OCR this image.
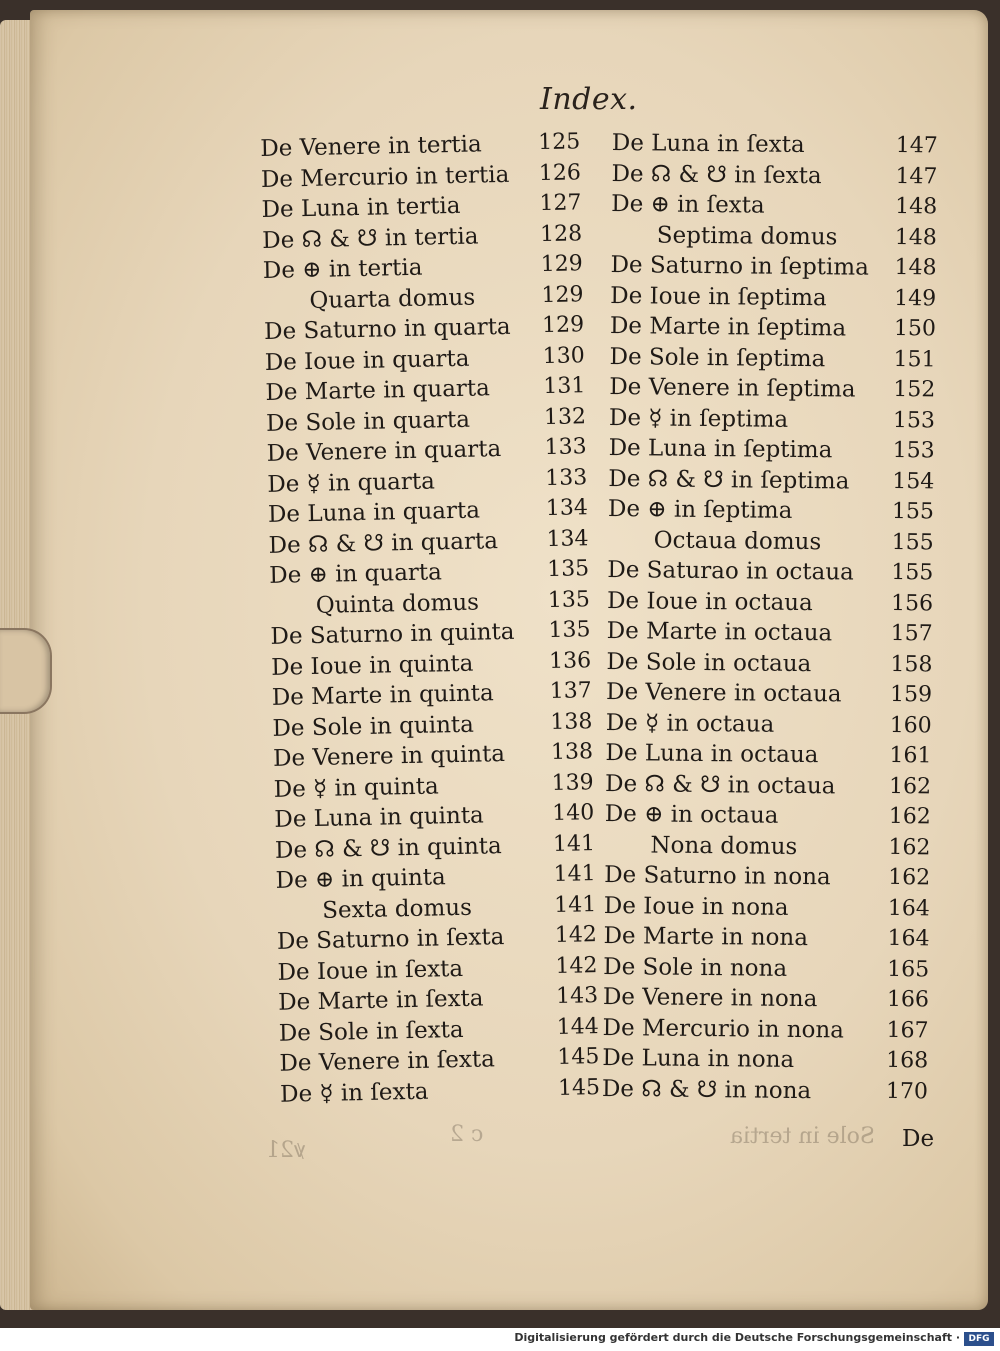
Index.
De Venere in tertia	125
De Mercurio in tertia 126
De Luna in tertia	127
De ☊ & ☋ in tertia	128
De ⊕ in tertia	129
Quarta domus	129
De Saturno in quarta 129
De Ioue in quarta	130
De Marte in quarta 131
De Sole in quarta	132
De Venere in quarta 133
De ☿ in quarta	133
De Luna in quarta	134
De ☊ & ☋ in quarta 134
De ⊕ in quarta	135
Quinta domus	135
De Saturno in quinta 135
De Ioue in quinta	136
De Marte in quinta	137
De Sole in quinta	138
De Venere in quinta 138
De ☿ in quinta	139
De Luna in quinta	140
De ☊ & ☋ in quinta 141
De ⊕ in quinta	141
Sexta domus	141
De Saturno in ſexta 142
De Ioue in ſexta	142
De Marte in ſexta	143
De Sole in ſexta	144
De Venere in ſexta	145
De ☿ in ſexta	145
De Luna in ſexta	147
De ☊ & ☋ in ſexta	147
De ⊕ in ſexta	148
Septima domus	148
De Saturno in ſeptima 148
De Ioue in ſeptima	149
De Marte in ſeptima 150
De Sole in ſeptima	151
De Venere in ſeptima 152
De ☿ in ſeptima	153
De Luna in ſeptima	153
De ☊ & ☋ in ſeptima 154
De ⊕ in ſeptima	155
Octaua domus	155
De Saturao in octaua 155
De Ioue in octaua	156
De Marte in octaua	157
De Sole in octaua	158
De Venere in octaua 159
De ☿ in octaua	160
De Luna in octaua	161
De ☊ & ☋ in octaua 162
De ⊕ in octaua	162
Nona domus	162
De Saturno in nona	162
De Ioue in nona	164
De Marte in nona	164
De Sole in nona	165
De Venere in nona	166
De Mercurio in nona 167
De Luna in nona	168
De ☊ & ☋ in nona	170
De
ꝟ21
c 2	Sole in tertia
Digitalisierung gefördert durch die Deutsche Forschungsgemeinschaft · DFG
